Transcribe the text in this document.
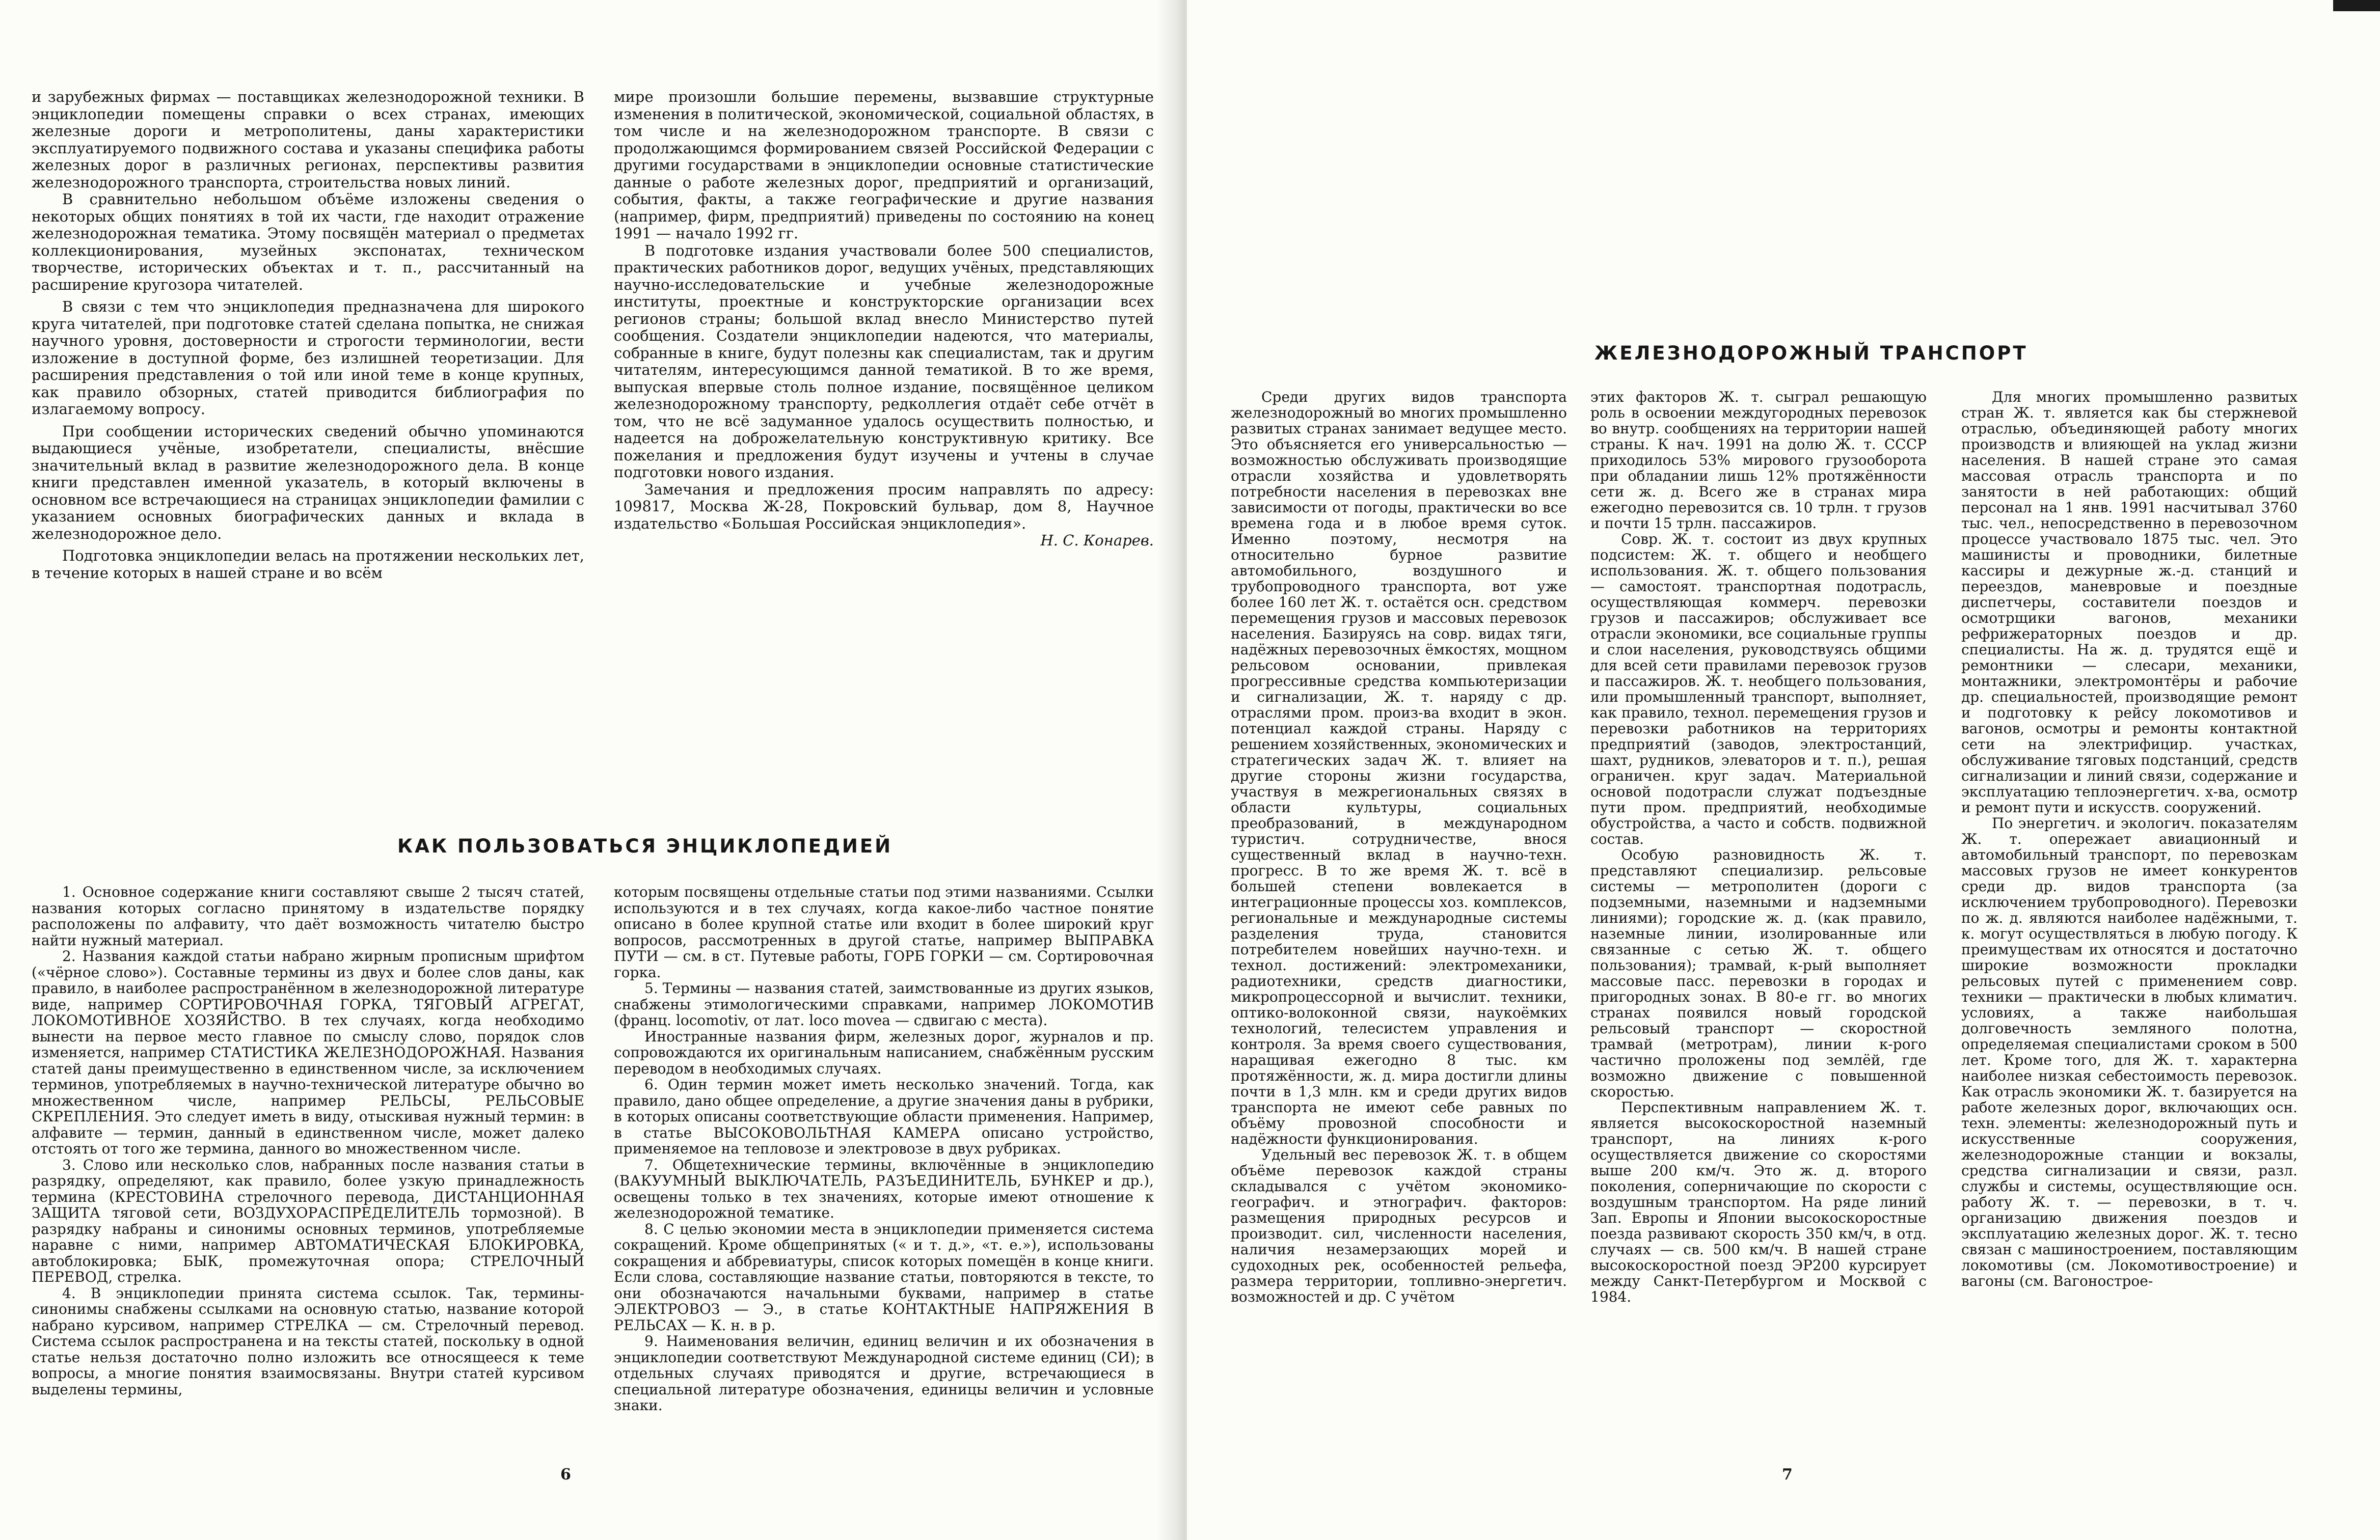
и зарубежных фирмах — поставщиках железнодорожной техники. В энциклопедии помещены справки о всех странах, имеющих железные дороги и метрополитены, даны характеристики эксплуатируемого подвижного состава и указаны специфика работы железных дорог в различных регионах, перспективы развития железнодорожного транспорта, строительства новых линий.

В сравнительно небольшом объёме изложены сведения о некоторых общих понятиях в той их части, где находит отражение железнодорожная тематика. Этому посвящён материал о предметах коллекционирования, музейных экспонатах, техническом творчестве, исторических объектах и т. п., рассчитанный на расширение кругозора читателей.

В связи с тем что энциклопедия предназначена для широкого круга читателей, при подготовке статей сделана попытка, не снижая научного уровня, достоверности и строгости терминологии, вести изложение в доступной форме, без излишней теоретизации. Для расширения представления о той или иной теме в конце крупных, как правило обзорных, статей приводится библиография по излагаемому вопросу.

При сообщении исторических сведений обычно упоминаются выдающиеся учёные, изобретатели, специалисты, внёсшие значительный вклад в развитие железнодорожного дела. В конце книги представлен именной указатель, в который включены в основном все встречающиеся на страницах энциклопедии фамилии с указанием основных биографических данных и вклада в железнодорожное дело.

Подготовка энциклопедии велась на протяжении нескольких лет, в течение которых в нашей стране и во всём

мире произошли большие перемены, вызвавшие структурные изменения в политической, экономической, социальной областях, в том числе и на железнодорожном транспорте. В связи с продолжающимся формированием связей Российской Федерации с другими государствами в энциклопедии основные статистические данные о работе железных дорог, предприятий и организаций, события, факты, а также географические и другие названия (например, фирм, предприятий) приведены по состоянию на конец 1991 — начало 1992 гг.

В подготовке издания участвовали более 500 специалистов, практических работников дорог, ведущих учёных, представляющих научно-исследовательские и учебные железнодорожные институты, проектные и конструкторские организации всех регионов страны; большой вклад внесло Министерство путей сообщения. Создатели энциклопедии надеются, что материалы, собранные в книге, будут полезны как специалистам, так и другим читателям, интересующимся данной тематикой. В то же время, выпуская впервые столь полное издание, посвящённое целиком железнодорожному транспорту, редколлегия отдаёт себе отчёт в том, что не всё задуманное удалось осуществить полностью, и надеется на доброжелательную конструктивную критику. Все пожелания и предложения будут изучены и учтены в случае подготовки нового издания.

Замечания и предложения просим направлять по адресу: 109817, Москва Ж-28, Покровский бульвар, дом 8, Научное издательство «Большая Российская энциклопедия».

Н. С. Конарев.

КАК ПОЛЬЗОВАТЬСЯ ЭНЦИКЛОПЕДИЕЙ

1. Основное содержание книги составляют свыше 2 тысяч статей, названия которых согласно принятому в издательстве порядку расположены по алфавиту, что даёт возможность читателю быстро найти нужный материал.

2. Названия каждой статьи набрано жирным прописным шрифтом («чёрное слово»). Составные термины из двух и более слов даны, как правило, в наиболее распространённом в железнодорожной литературе виде, например СОРТИРОВОЧНАЯ ГОРКА, ТЯГОВЫЙ АГРЕГАТ, ЛОКОМОТИВНОЕ ХОЗЯЙСТВО. В тех случаях, когда необходимо вынести на первое место главное по смыслу слово, порядок слов изменяется, например СТАТИСТИКА ЖЕЛЕЗНОДОРОЖНАЯ. Названия статей даны преимущественно в единственном числе, за исключением терминов, употребляемых в научно-технической литературе обычно во множественном числе, например РЕЛЬСЫ, РЕЛЬСОВЫЕ СКРЕПЛЕНИЯ. Это следует иметь в виду, отыскивая нужный термин: в алфавите — термин, данный в единственном числе, может далеко отстоять от того же термина, данного во множественном числе.

3. Слово или несколько слов, набранных после названия статьи в разрядку, определяют, как правило, более узкую принадлежность термина (КРЕСТОВИНА стрелочного перевода, ДИСТАНЦИОННАЯ ЗАЩИТА тяговой сети, ВОЗДУХОРАСПРЕДЕЛИТЕЛЬ тормозной). В разрядку набраны и синонимы основных терминов, употребляемые наравне с ними, например АВТОМАТИЧЕСКАЯ БЛОКИРОВКА, автоблокировка; БЫК, промежуточная опора; СТРЕЛОЧНЫЙ ПЕРЕВОД, стрелка.

4. В энциклопедии принята система ссылок. Так, термины-синонимы снабжены ссылками на основную статью, название которой набрано курсивом, например СТРЕЛКА — см. Стрелочный перевод. Система ссылок распространена и на тексты статей, поскольку в одной статье нельзя достаточно полно изложить все относящееся к теме вопросы, а многие понятия взаимосвязаны. Внутри статей курсивом выделены термины,

которым посвящены отдельные статьи под этими названиями. Ссылки используются и в тех случаях, когда какое-либо частное понятие описано в более крупной статье или входит в более широкий круг вопросов, рассмотренных в другой статье, например ВЫПРАВКА ПУТИ — см. в ст. Путевые работы, ГОРБ ГОРКИ — см. Сортировочная горка.

5. Термины — названия статей, заимствованные из других языков, снабжены этимологическими справками, например ЛОКОМОТИВ (франц. locomotiv, от лат. loco movea — сдвигаю с места).

Иностранные названия фирм, железных дорог, журналов и пр. сопровождаются их оригинальным написанием, снабжённым русским переводом в необходимых случаях.

6. Один термин может иметь несколько значений. Тогда, как правило, дано общее определение, а другие значения даны в рубрики, в которых описаны соответствующие области применения. Например, в статье ВЫСОКОВОЛЬТНАЯ КАМЕРА описано устройство, применяемое на тепловозе и электровозе в двух рубриках.

7. Общетехнические термины, включённые в энциклопедию (ВАКУУМНЫЙ ВЫКЛЮЧАТЕЛЬ, РАЗЪЕДИНИТЕЛЬ, БУНКЕР и др.), освещены только в тех значениях, которые имеют отношение к железнодорожной тематике.

8. С целью экономии места в энциклопедии применяется система сокращений. Кроме общепринятых (« и т. д.», «т. е.»), использованы сокращения и аббревиатуры, список которых помещён в конце книги. Если слова, составляющие название статьи, повторяются в тексте, то они обозначаются начальными буквами, например в статье ЭЛЕКТРОВОЗ — Э., в статье КОНТАКТНЫЕ НАПРЯЖЕНИЯ В РЕЛЬСАХ — К. н. в р.

9. Наименования величин, единиц величин и их обозначения в энциклопедии соответствуют Международной системе единиц (СИ); в отдельных случаях приводятся и другие, встречающиеся в специальной литературе обозначения, единицы величин и условные знаки.

6
ЖЕЛЕЗНОДОРОЖНЫЙ ТРАНСПОРТ

Среди других видов транспорта железнодорожный во многих промышленно развитых странах занимает ведущее место. Это объясняется его универсальностью — возможностью обслуживать производящие отрасли хозяйства и удовлетворять потребности населения в перевозках вне зависимости от погоды, практически во все времена года и в любое время суток. Именно поэтому, несмотря на относительно бурное развитие автомобильного, воздушного и трубопроводного транспорта, вот уже более 160 лет Ж. т. остаётся осн. средством перемещения грузов и массовых перевозок населения. Базируясь на совр. видах тяги, надёжных перевозочных ёмкостях, мощном рельсовом основании, привлекая прогрессивные средства компьютеризации и сигнализации, Ж. т. наряду с др. отраслями пром. произ-ва входит в экон. потенциал каждой страны. Наряду с решением хозяйственных, экономических и стратегических задач Ж. т. влияет на другие стороны жизни государства, участвуя в межрегиональных связях в области культуры, социальных преобразований, в международном туристич. сотрудничестве, внося существенный вклад в научно-техн. прогресс. В то же время Ж. т. всё в большей степени вовлекается в интеграционные процессы хоз. комплексов, региональные и международные системы разделения труда, становится потребителем новейших научно-техн. и технол. достижений: электромеханики, радиотехники, средств диагностики, микропроцессорной и вычислит. техники, оптико-волоконной связи, наукоёмких технологий, телесистем управления и контроля. За время своего существования, наращивая ежегодно 8 тыс. км протяжённости, ж. д. мира достигли длины почти в 1,3 млн. км и среди других видов транспорта не имеют себе равных по объёму провозной способности и надёжности функционирования.

Удельный вес перевозок Ж. т. в общем объёме перевозок каждой страны складывался с учётом экономико-географич. и этнографич. факторов: размещения природных ресурсов и производит. сил, численности населения, наличия незамерзающих морей и судоходных рек, особенностей рельефа, размера территории, топливно-энергетич. возможностей и др. С учётом

этих факторов Ж. т. сыграл решающую роль в освоении междугородных перевозок во внутр. сообщениях на территории нашей страны. К нач. 1991 на долю Ж. т. СССР приходилось 53% мирового грузооборота при обладании лишь 12% протяжённости сети ж. д. Всего же в странах мира ежегодно перевозится св. 10 трлн. т грузов и почти 15 трлн. пассажиров.

Совр. Ж. т. состоит из двух крупных подсистем: Ж. т. общего и необщего использования. Ж. т. общего пользования — самостоят. транспортная подотрасль, осуществляющая коммерч. перевозки грузов и пассажиров; обслуживает все отрасли экономики, все социальные группы и слои населения, руководствуясь общими для всей сети правилами перевозок грузов и пассажиров. Ж. т. необщего пользования, или промышленный транспорт, выполняет, как правило, технол. перемещения грузов и перевозки работников на территориях предприятий (заводов, электростанций, шахт, рудников, элеваторов и т. п.), решая ограничен. круг задач. Материальной основой подотрасли служат подъездные пути пром. предприятий, необходимые обустройства, а часто и собств. подвижной состав.

Особую разновидность Ж. т. представляют специализир. рельсовые системы — метрополитен (дороги с подземными, наземными и надземными линиями); городские ж. д. (как правило, наземные линии, изолированные или связанные с сетью Ж. т. общего пользования); трамвай, к-рый выполняет массовые пасс. перевозки в городах и пригородных зонах. В 80-е гг. во многих странах появился новый городской рельсовый транспорт — скоростной трамвай (метротрам), линии к-рого частично проложены под землёй, где возможно движение с повышенной скоростью.

Перспективным направлением Ж. т. является высокоскоростной наземный транспорт, на линиях к-рого осуществляется движение со скоростями выше 200 км/ч. Это ж. д. второго поколения, соперничающие по скорости с воздушным транспортом. На ряде линий Зап. Европы и Японии высокоскоростные поезда развивают скорость 350 км/ч, в отд. случаях — св. 500 км/ч. В нашей стране высокоскоростной поезд ЭР200 курсирует между Санкт-Петербургом и Москвой с 1984.

Для многих промышленно развитых стран Ж. т. является как бы стержневой отраслью, объединяющей работу многих производств и влияющей на уклад жизни населения. В нашей стране это самая массовая отрасль транспорта и по занятости в ней работающих: общий персонал на 1 янв. 1991 насчитывал 3760 тыс. чел., непосредственно в перевозочном процессе участвовало 1875 тыс. чел. Это машинисты и проводники, билетные кассиры и дежурные ж.-д. станций и переездов, маневровые и поездные диспетчеры, составители поездов и осмотрщики вагонов, механики рефрижераторных поездов и др. специалисты. На ж. д. трудятся ещё и ремонтники — слесари, механики, монтажники, электромонтёры и рабочие др. специальностей, производящие ремонт и подготовку к рейсу локомотивов и вагонов, осмотры и ремонты контактной сети на электрифицир. участках, обслуживание тяговых подстанций, средств сигнализации и линий связи, содержание и эксплуатацию теплоэнергетич. х-ва, осмотр и ремонт пути и искусств. сооружений.

По энергетич. и экологич. показателям Ж. т. опережает авиационный и автомобильный транспорт, по перевозкам массовых грузов не имеет конкурентов среди др. видов транспорта (за исключением трубопроводного). Перевозки по ж. д. являются наиболее надёжными, т. к. могут осуществляться в любую погоду. К преимуществам их относятся и достаточно широкие возможности прокладки рельсовых путей с применением совр. техники — практически в любых климатич. условиях, а также наибольшая долговечность земляного полотна, определяемая специалистами сроком в 500 лет. Кроме того, для Ж. т. характерна наиболее низкая себестоимость перевозок. Как отрасль экономики Ж. т. базируется на работе железных дорог, включающих осн. техн. элементы: железнодорожный путь и искусственные сооружения, железнодорожные станции и вокзалы, средства сигнализации и связи, разл. службы и системы, осуществляющие осн. работу Ж. т. — перевозки, в т. ч. организацию движения поездов и эксплуатацию железных дорог. Ж. т. тесно связан с машиностроением, поставляющим локомотивы (см. Локомотивостроение) и вагоны (см. Вагоностроe-

7
